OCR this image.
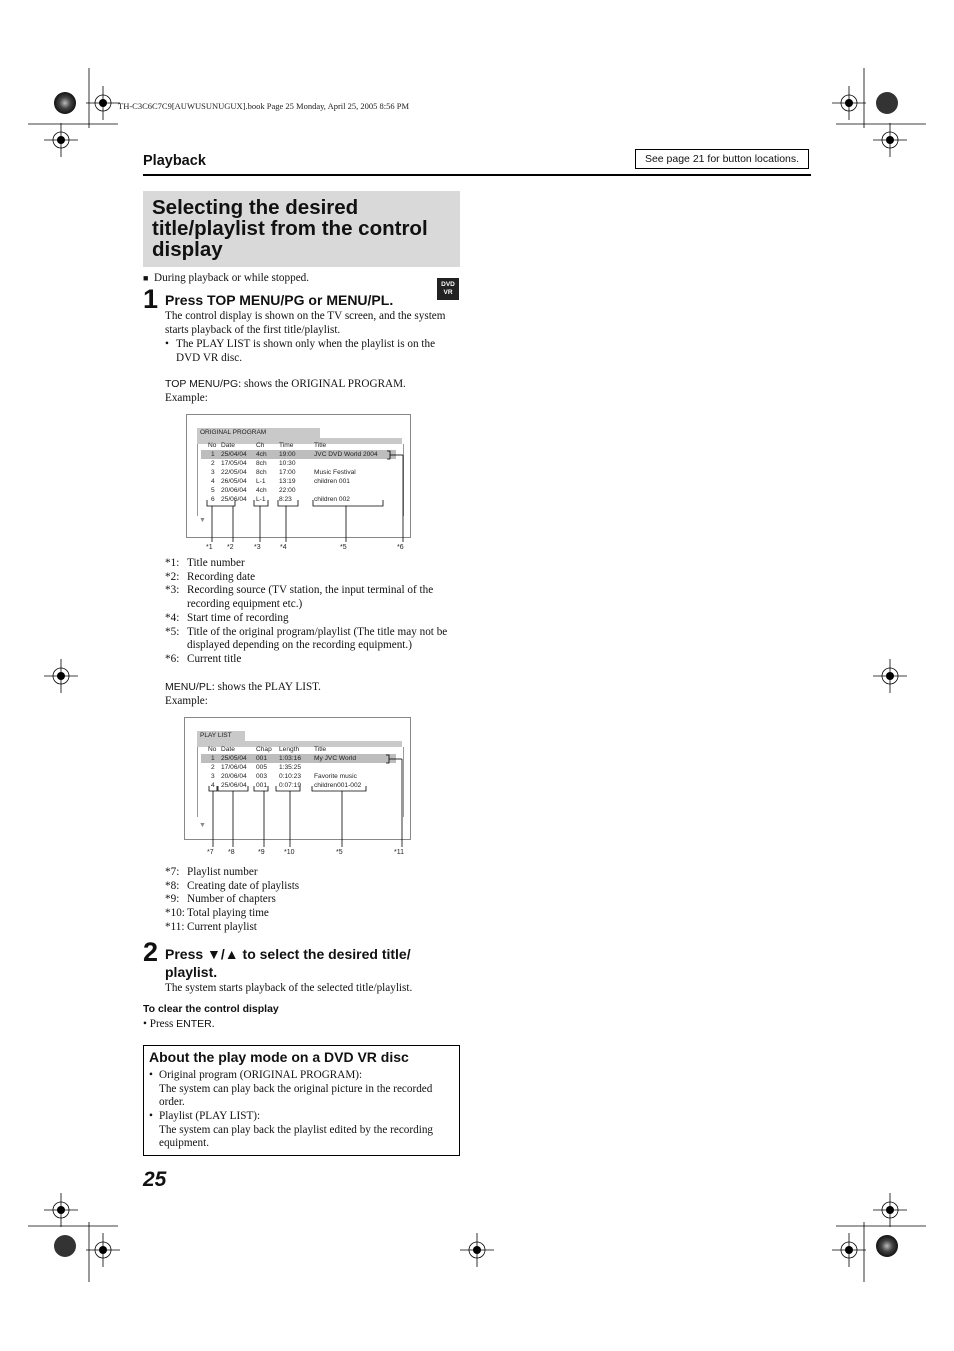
TH-C3C6C7C9[AUWUSUNUGUX].book Page 25 Monday, April 25, 2005 8:56 PM
Playback	See page 21 for button locations.
Selecting the desired title/playlist from the control display
■ During playback or while stopped.
DVD
VR
1 Press TOP MENU/PG or MENU/PL.
The control display is shown on the TV screen, and the system starts playback of the first title/playlist.
• The PLAY LIST is shown only when the playlist is on the DVD VR disc.
TOP MENU/PG: shows the ORIGINAL PROGRAM.
Example:
ORIGINAL PROGRAM
No Date	Ch Time	Title
1 25/04/04 4ch 19:00	JVC DVD World 2004
2 17/05/04 8ch 10:30
3 22/05/04 8ch 17:00	Music Festival
4 26/05/04 L-1 13:19	children 001
5 20/06/04 4ch 22:00
6 25/06/04 L-1 8:23	children 002
▼
*1 *2	*3	*4	*5	*6
*1: Title number
*2: Recording date
*3: Recording source (TV station, the input terminal of the
recording equipment etc.)
*4: Start time of recording
*5: Title of the original program/playlist (The title may not be
displayed depending on the recording equipment.)
*6: Current title
MENU/PL: shows the PLAY LIST.
Example:
PLAY LIST
No Date	Chap Length Title
1 25/05/04 001 1:03:16 My JVC World
2 17/06/04 005 1:35:25
3 20/06/04 003 0:10:23 Favorite music
4 25/06/04 001 0:07:19 children001-002
▼
*7 *8	*9	*10	*5	*11
*7: Playlist number
*8: Creating date of playlists
*9: Number of chapters
*10: Total playing time
*11: Current playlist
2 Press ▼/▲ to select the desired title/
playlist.
The system starts playback of the selected title/playlist.
To clear the control display
• Press ENTER.
About the play mode on a DVD VR disc
• Original program (ORIGINAL PROGRAM):
The system can play back the original picture in the recorded order.
• Playlist (PLAY LIST):
The system can play back the playlist edited by the recording equipment.
25
